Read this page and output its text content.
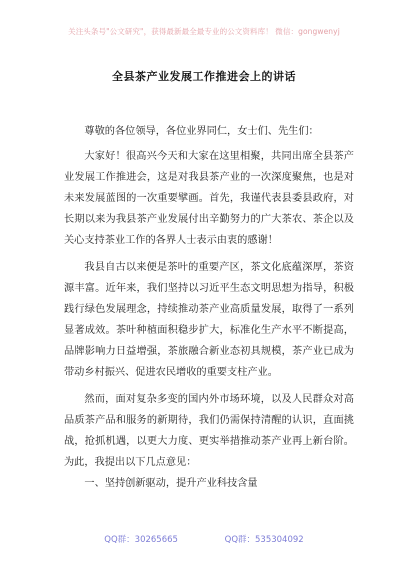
关注头条号"公文研究"，获得最新最全最专业的公文资料库！ 微信：gongwenyj
全县茶产业发展工作推进会上的讲话

尊敬的各位领导，各位业界同仁，女士们、先生们：

大家好！很高兴今天和大家在这里相聚，共同出席全县茶产业发展工作推进会，这是对我县茶产业的一次深度聚焦，也是对未来发展蓝图的一次重要擘画。首先，我谨代表县委县政府，对长期以来为我县茶产业发展付出辛勤努力的广大茶农、茶企以及关心支持茶业工作的各界人士表示由衷的感谢！

我县自古以来便是茶叶的重要产区，茶文化底蕴深厚，茶资源丰富。近年来，我们坚持以习近平生态文明思想为指导，积极践行绿色发展理念，持续推动茶产业高质量发展，取得了一系列显著成效。茶叶种植面积稳步扩大，标准化生产水平不断提高，品牌影响力日益增强，茶旅融合新业态初具规模，茶产业已成为带动乡村振兴、促进农民增收的重要支柱产业。

然而，面对复杂多变的国内外市场环境，以及人民群众对高品质茶产品和服务的新期待，我们仍需保持清醒的认识，直面挑战，抢抓机遇，以更大力度、更实举措推动茶产业再上新台阶。为此，我提出以下几点意见：

一、坚持创新驱动，提升产业科技含量

QQ群：30265665	QQ群：535304092
